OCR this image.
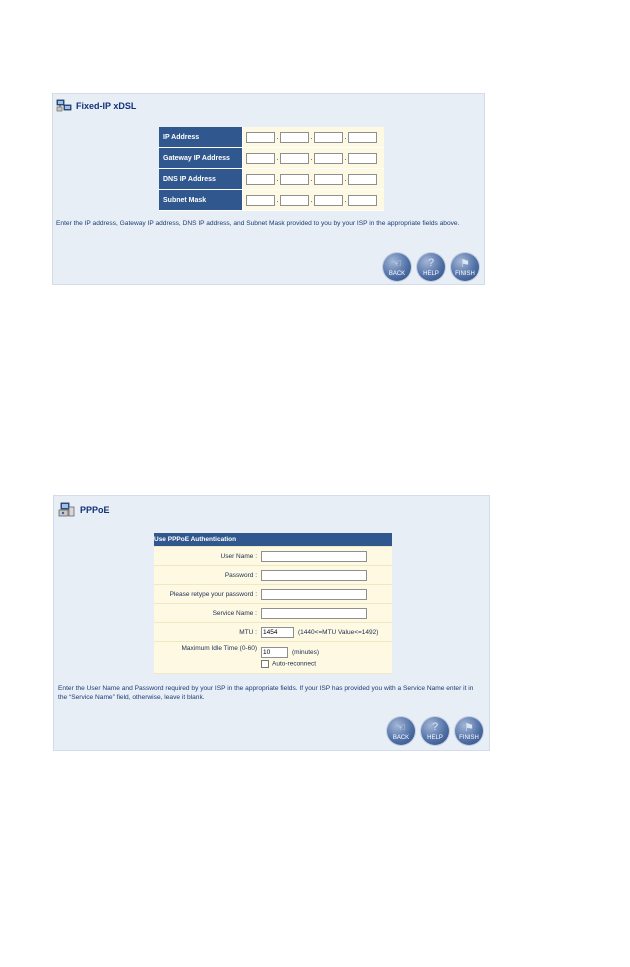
Fixed-IP xDSL
IP Address	. . .
Gateway IP Address	. . .
DNS IP Address	. . .
Subnet Mask	. . .
Enter the IP address, Gateway IP address, DNS IP address, and Subnet Mask provided to you by your ISP in the appropriate fields above.
☜
BACK
?
HELP
⚑
FINISH
PPPoE
Use PPPoE Authentication	
User Name :	
Password :	
Please retype your password :	
Service Name :	
MTU :	1454 (1440<=MTU Value<=1492)
Maximum Idle Time (0-60)	10 (minutes)
Auto-reconnect
Enter the User Name and Password required by your ISP in the appropriate fields. If your ISP has provided you with a Service Name enter it in the “Service Name” field, otherwise, leave it blank.
☜
BACK
?
HELP
⚑
FINISH
